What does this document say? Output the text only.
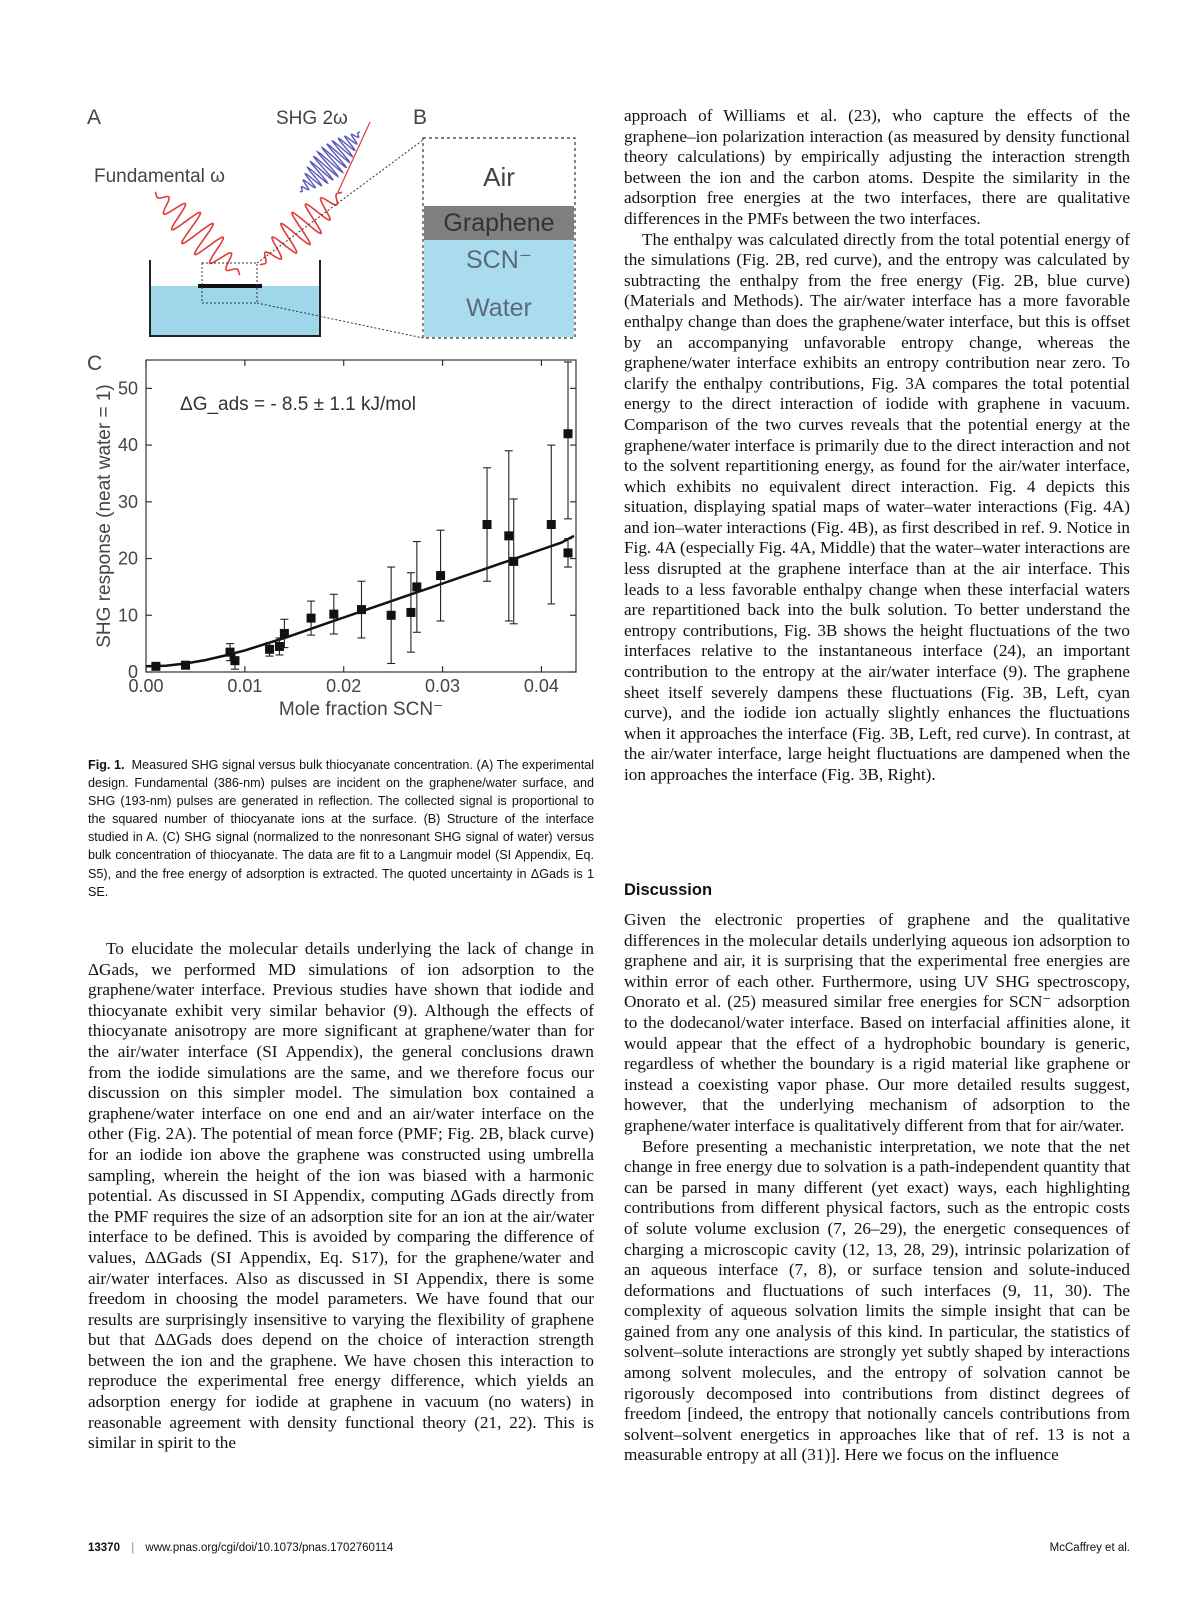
A	B
C
Fundamental ω
SHG 2ω
Air
Graphene
SCN⁻
Water
0.00	0.01	0.02	0.03	0.04
0
10
20
30
40
50
ΔG_ads = - 8.5 ± 1.1 kJ/mol
Mole fraction SCN⁻
SHG response (neat water = 1)
Fig. 1. Measured SHG signal versus bulk thiocyanate concentration. (A) The experimental design. Fundamental (386-nm) pulses are incident on the graphene/water surface, and SHG (193-nm) pulses are generated in reflection. The collected signal is proportional to the squared number of thiocyanate ions at the surface. (B) Structure of the interface studied in A. (C) SHG signal (normalized to the nonresonant SHG signal of water) versus bulk concentration of thiocyanate. The data are fit to a Langmuir model (SI Appendix, Eq. S5), and the free energy of adsorption is extracted. The quoted uncertainty in ΔGads is 1 SE.

To elucidate the molecular details underlying the lack of change in ΔGads, we performed MD simulations of ion adsorption to the graphene/water interface. Previous studies have shown that iodide and thiocyanate exhibit very similar behavior (9). Although the effects of thiocyanate anisotropy are more significant at graphene/water than for the air/water interface (SI Appendix), the general conclusions drawn from the iodide simulations are the same, and we therefore focus our discussion on this simpler model. The simulation box contained a graphene/water interface on one end and an air/water interface on the other (Fig. 2A). The potential of mean force (PMF; Fig. 2B, black curve) for an iodide ion above the graphene was constructed using umbrella sampling, wherein the height of the ion was biased with a harmonic potential. As discussed in SI Appendix, computing ΔGads directly from the PMF requires the size of an adsorption site for an ion at the air/water interface to be defined. This is avoided by comparing the difference of values, ΔΔGads (SI Appendix, Eq. S17), for the graphene/water and air/water interfaces. Also as discussed in SI Appendix, there is some freedom in choosing the model parameters. We have found that our results are surprisingly insensitive to varying the flexibility of graphene but that ΔΔGads does depend on the choice of interaction strength between the ion and the graphene. We have chosen this interaction to reproduce the experimental free energy difference, which yields an adsorption energy for iodide at graphene in vacuum (no waters) in reasonable agreement with density functional theory (21, 22). This is similar in spirit to the

approach of Williams et al. (23), who capture the effects of the graphene–ion polarization interaction (as measured by density functional theory calculations) by empirically adjusting the interaction strength between the ion and the carbon atoms. Despite the similarity in the adsorption free energies at the two interfaces, there are qualitative differences in the PMFs between the two interfaces.

The enthalpy was calculated directly from the total potential energy of the simulations (Fig. 2B, red curve), and the entropy was calculated by subtracting the enthalpy from the free energy (Fig. 2B, blue curve) (Materials and Methods). The air/water interface has a more favorable enthalpy change than does the graphene/water interface, but this is offset by an accompanying unfavorable entropy change, whereas the graphene/water interface exhibits an entropy contribution near zero. To clarify the enthalpy contributions, Fig. 3A compares the total potential energy to the direct interaction of iodide with graphene in vacuum. Comparison of the two curves reveals that the potential energy at the graphene/water interface is primarily due to the direct interaction and not to the solvent repartitioning energy, as found for the air/water interface, which exhibits no equivalent direct interaction. Fig. 4 depicts this situation, displaying spatial maps of water–water interactions (Fig. 4A) and ion–water interactions (Fig. 4B), as first described in ref. 9. Notice in Fig. 4A (especially Fig. 4A, Middle) that the water–water interactions are less disrupted at the graphene interface than at the air interface. This leads to a less favorable enthalpy change when these interfacial waters are repartitioned back into the bulk solution. To better understand the entropy contributions, Fig. 3B shows the height fluctuations of the two interfaces relative to the instantaneous interface (24), an important contribution to the entropy at the air/water interface (9). The graphene sheet itself severely dampens these fluctuations (Fig. 3B, Left, cyan curve), and the iodide ion actually slightly enhances the fluctuations when it approaches the interface (Fig. 3B, Left, red curve). In contrast, at the air/water interface, large height fluctuations are dampened when the ion approaches the interface (Fig. 3B, Right).

Discussion

Given the electronic properties of graphene and the qualitative differences in the molecular details underlying aqueous ion adsorption to graphene and air, it is surprising that the experimental free energies are within error of each other. Furthermore, using UV SHG spectroscopy, Onorato et al. (25) measured similar free energies for SCN⁻ adsorption to the dodecanol/water interface. Based on interfacial affinities alone, it would appear that the effect of a hydrophobic boundary is generic, regardless of whether the boundary is a rigid material like graphene or instead a coexisting vapor phase. Our more detailed results suggest, however, that the underlying mechanism of adsorption to the graphene/water interface is qualitatively different from that for air/water.

Before presenting a mechanistic interpretation, we note that the net change in free energy due to solvation is a path-independent quantity that can be parsed in many different (yet exact) ways, each highlighting contributions from different physical factors, such as the entropic costs of solute volume exclusion (7, 26–29), the energetic consequences of charging a microscopic cavity (12, 13, 28, 29), intrinsic polarization of an aqueous interface (7, 8), or surface tension and solute-induced deformations and fluctuations of such interfaces (9, 11, 30). The complexity of aqueous solvation limits the simple insight that can be gained from any one analysis of this kind. In particular, the statistics of solvent–solute interactions are strongly yet subtly shaped by interactions among solvent molecules, and the entropy of solvation cannot be rigorously decomposed into contributions from distinct degrees of freedom [indeed, the entropy that notionally cancels contributions from solvent–solvent energetics in approaches like that of ref. 13 is not a measurable entropy at all (31)]. Here we focus on the influence

13370 | www.pnas.org/cgi/doi/10.1073/pnas.1702760114	McCaffrey et al.
